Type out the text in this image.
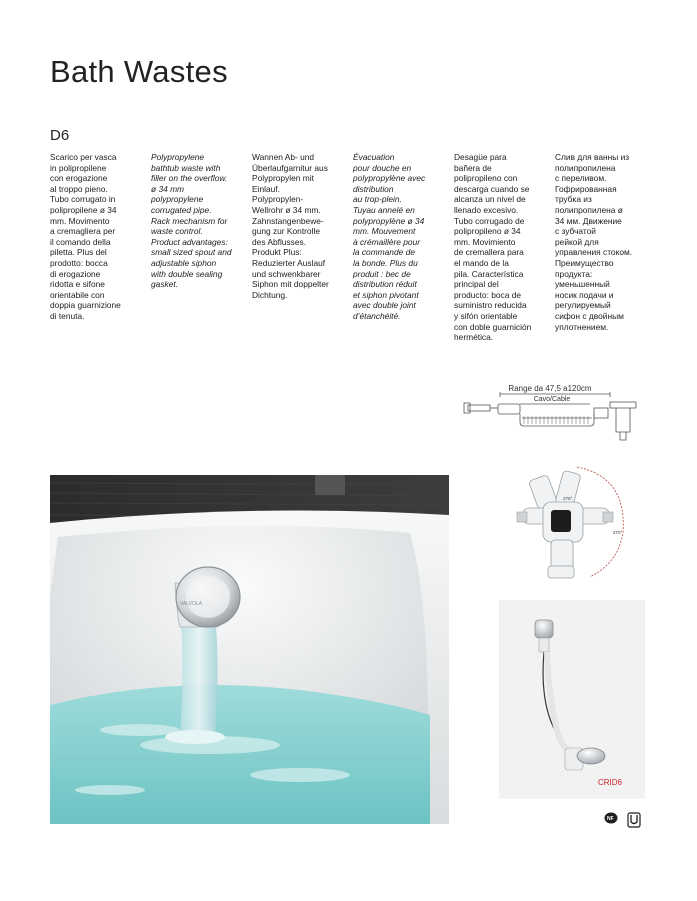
Bath Wastes
D6
Scarico per vasca
in polipropilene
con erogazione
al troppo pieno.
Tubo corrugato in
polipropilene ø 34
mm. Movimento
a cremagliera per
il comando della
piletta. Plus del
prodotto: bocca
di erogazione
ridotta e sifone
orientabile con
doppia guarnizione
di tenuta.
Polypropylene
bathtub waste with
filler on the overflow.
ø 34 mm
polypropylene
corrugated pipe.
Rack mechanism for
waste control.
Product advantages:
small sized spout and
adjustable siphon
with double sealing
gasket.
Wannen Ab- und
Überlaufgarnitur aus
Polypropylen mit
Einlauf.
Polypropylen-
Wellrohr ø 34 mm.
Zahnstangenbewe-
gung zur Kontrolle
des Abflusses.
Produkt Plus:
Reduzierter Auslauf
und schwenkbarer
Siphon mit doppelter
Dichtung.
Évacuation
pour douche en
polypropylène avec
distribution
au trop-plein.
Tuyau annelé en
polypropylène ø 34
mm. Mouvement
à crémaillère pour
la commande de
la bonde. Plus du
produit : bec de
distribution réduit
et siphon pivotant
avec double joint
d’étanchéité.
Desagüe para
bañera de
polipropileno con
descarga cuando se
alcanza un nivel de
llenado excesivo.
Tubo corrugado de
polipropileno ø 34
mm. Movimiento
de cremallera para
el mando de la
pila. Característica
principal del
producto: boca de
suministro reducida
y sifón orientable
con doble guarnición
hermética.
Слив для ванны из
полипропилена
с переливом.
Гофрированная
трубка из
полипропилена ø
34 мм. Движение
с зубчатой
рейкой для
управления стоком.
Преимущество
продукта:
уменьшенный
носик подачи и
регулируемый
сифон с двойным
уплотнением.
Range da 47,5 a120cm
Cavo/Cable
VALVOLA
270°
270°
CRID6
NF
